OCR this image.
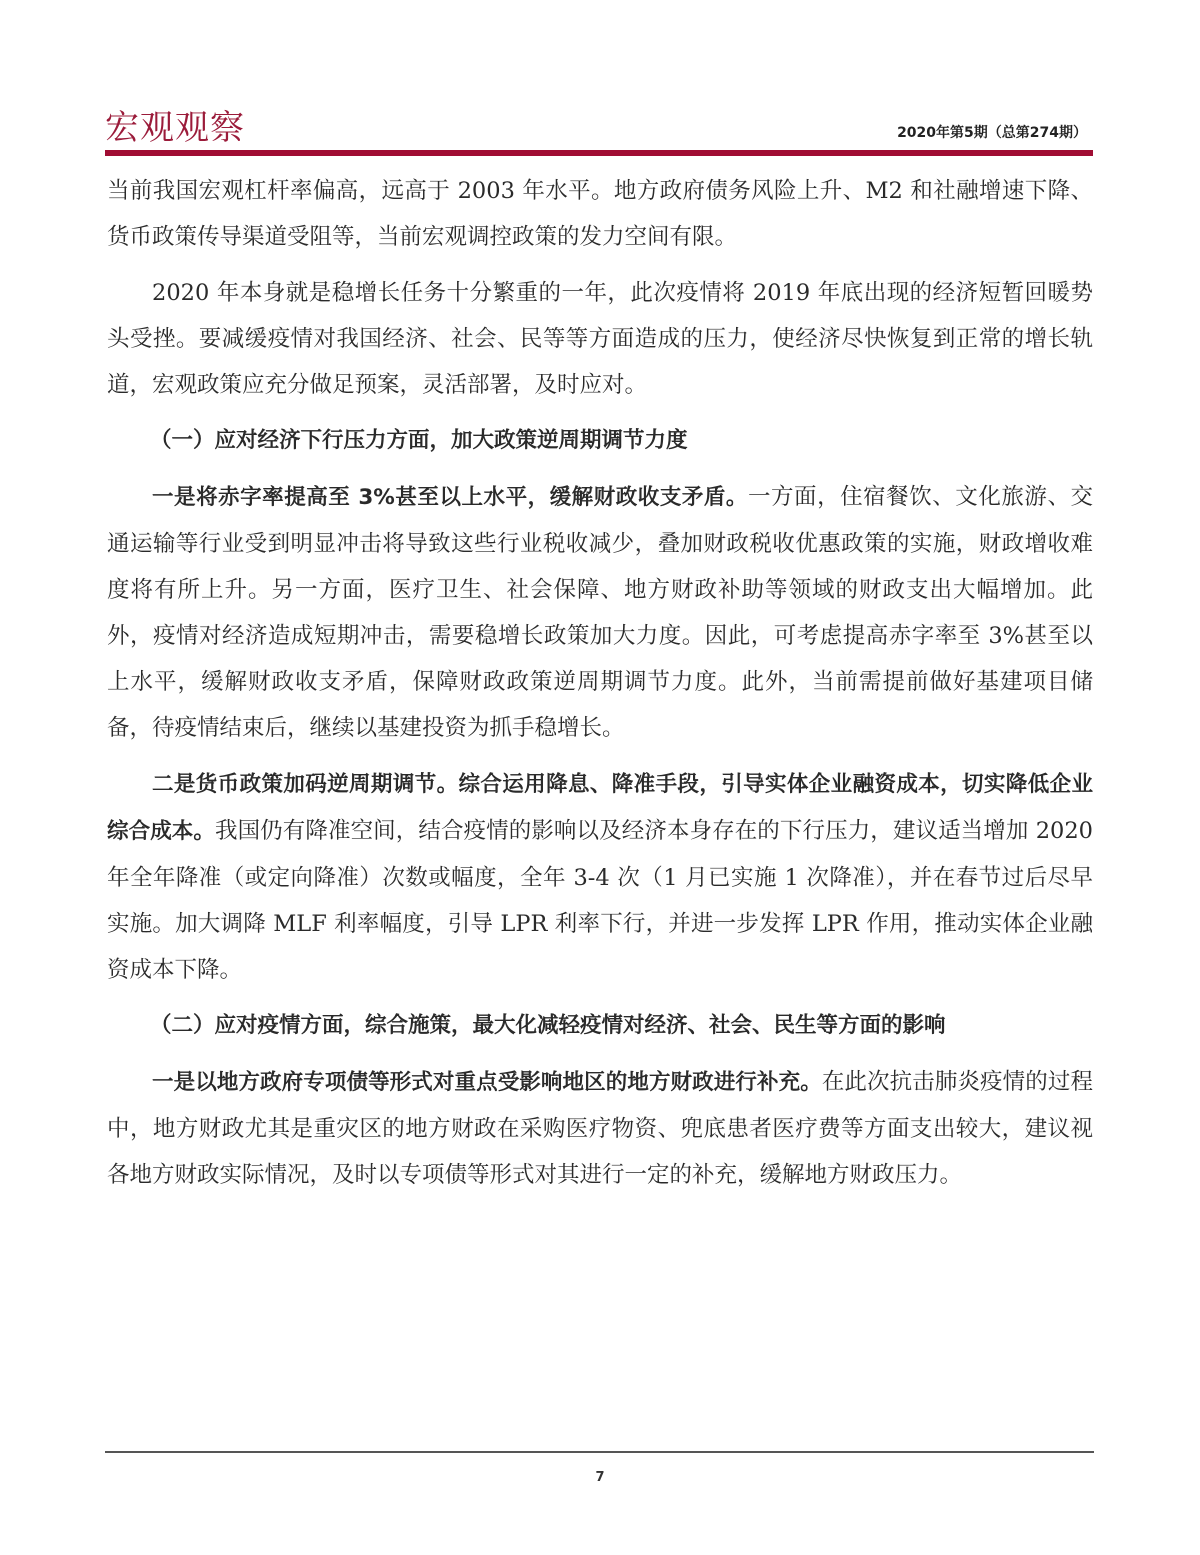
宏观观察	2020年第5期（总第274期）

当前我国宏观杠杆率偏高，远高于 2003 年水平。地方政府债务风险上升、M2 和社融增速下降、货币政策传导渠道受阻等，当前宏观调控政策的发力空间有限。

2020 年本身就是稳增长任务十分繁重的一年，此次疫情将 2019 年底出现的经济短暂回暖势头受挫。要减缓疫情对我国经济、社会、民等等方面造成的压力，使经济尽快恢复到正常的增长轨道，宏观政策应充分做足预案，灵活部署，及时应对。

（一）应对经济下行压力方面，加大政策逆周期调节力度

一是将赤字率提高至 3%甚至以上水平，缓解财政收支矛盾。一方面，住宿餐饮、文化旅游、交通运输等行业受到明显冲击将导致这些行业税收减少，叠加财政税收优惠政策的实施，财政增收难度将有所上升。另一方面，医疗卫生、社会保障、地方财政补助等领域的财政支出大幅增加。此外，疫情对经济造成短期冲击，需要稳增长政策加大力度。因此，可考虑提高赤字率至 3%甚至以上水平，缓解财政收支矛盾，保障财政政策逆周期调节力度。此外，当前需提前做好基建项目储备，待疫情结束后，继续以基建投资为抓手稳增长。

二是货币政策加码逆周期调节。综合运用降息、降准手段，引导实体企业融资成本，切实降低企业综合成本。我国仍有降准空间，结合疫情的影响以及经济本身存在的下行压力，建议适当增加 2020 年全年降准（或定向降准）次数或幅度，全年 3-4 次（1 月已实施 1 次降准），并在春节过后尽早实施。加大调降 MLF 利率幅度，引导 LPR 利率下行，并进一步发挥 LPR 作用，推动实体企业融资成本下降。

（二）应对疫情方面，综合施策，最大化减轻疫情对经济、社会、民生等方面的影响

一是以地方政府专项债等形式对重点受影响地区的地方财政进行补充。在此次抗击肺炎疫情的过程中，地方财政尤其是重灾区的地方财政在采购医疗物资、兜底患者医疗费等方面支出较大，建议视各地方财政实际情况，及时以专项债等形式对其进行一定的补充，缓解地方财政压力。

7
